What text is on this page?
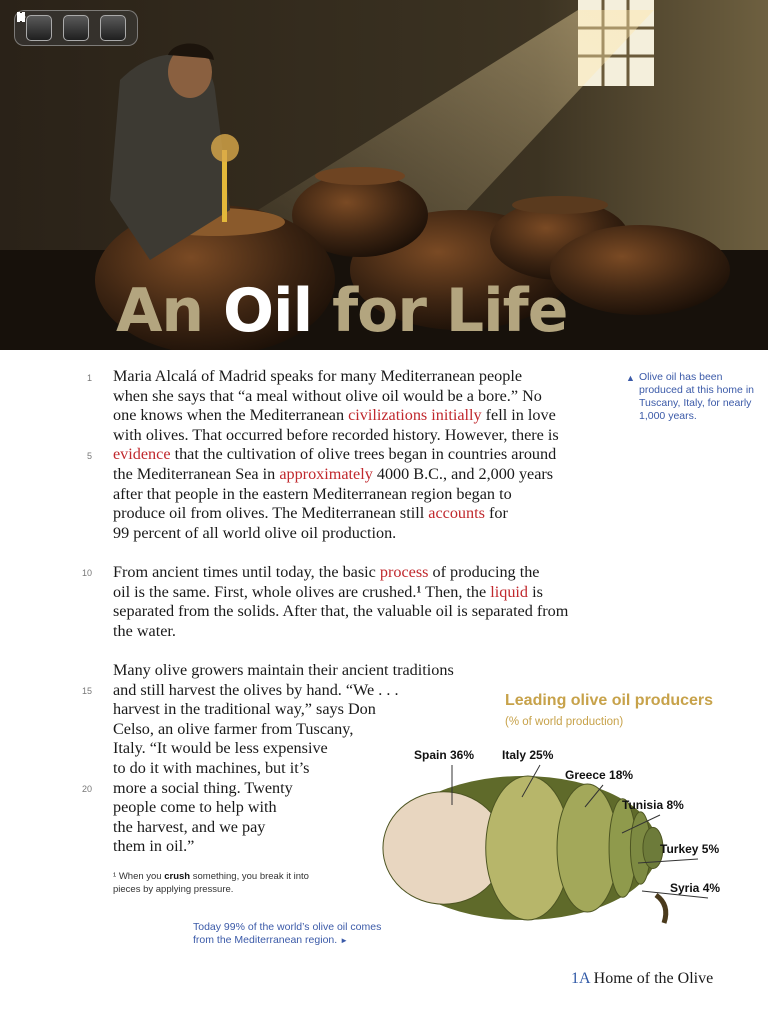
An Oil for Life
1
5
10
15
20
Maria Alcalá of Madrid speaks for many Mediterranean people
when she says that “a meal without olive oil would be a bore.” No
one knows when the Mediterranean civilizations initially fell in love
with olives. That occurred before recorded history. However, there is
evidence that the cultivation of olive trees began in countries around
the Mediterranean Sea in approximately 4000 B.C., and 2,000 years
after that people in the eastern Mediterranean region began to
produce oil from olives. The Mediterranean still accounts for
99 percent of all world olive oil production.
From ancient times until today, the basic process of producing the
oil is the same. First, whole olives are crushed.¹ Then, the liquid is
separated from the solids. After that, the valuable oil is separated from
the water.
Many olive growers maintain their ancient traditions
and still harvest the olives by hand. “We . . .
harvest in the traditional way,” says Don
Celso, an olive farmer from Tuscany,
Italy. “It would be less expensive
to do it with machines, but it’s
more a social thing. Twenty
people come to help with
the harvest, and we pay
them in oil.”
▲ Olive oil has been produced at this home in Tuscany, Italy, for nearly 1,000 years.
¹ When you crush something, you break it into pieces by applying pressure.
Today 99% of the world’s olive oil comes from the Mediterranean region. ►
Leading olive oil producers
(% of world production)
Spain 36% Italy 25%
Greece 18%
Tunisia 8%
Turkey 5%
Syria 4%
1A Home of the Olive
